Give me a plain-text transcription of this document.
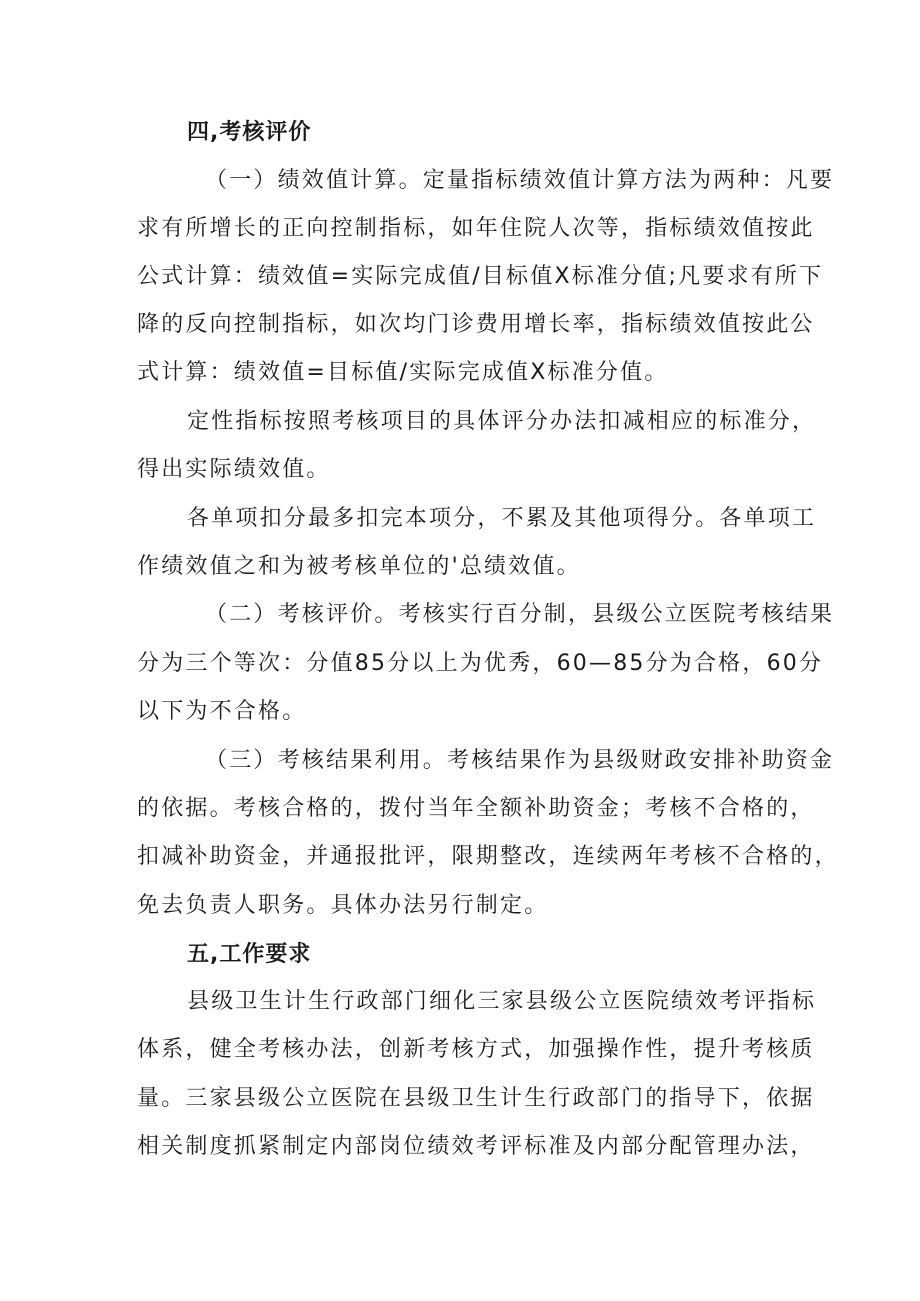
四,考核评价
（一）绩效值计算。定量指标绩效值计算方法为两种：凡要
求有所增长的正向控制指标，如年住院人次等，指标绩效值按此
公式计算：绩效值=实际完成值/目标值X标准分值;凡要求有所下
降的反向控制指标，如次均门诊费用增长率，指标绩效值按此公
式计算：绩效值=目标值/实际完成值X标准分值。
定性指标按照考核项目的具体评分办法扣减相应的标准分，
得出实际绩效值。
各单项扣分最多扣完本项分，不累及其他项得分。各单项工
作绩效值之和为被考核单位的'总绩效值。
（二）考核评价。考核实行百分制，县级公立医院考核结果
分为三个等次：分值85分以上为优秀，60—85分为合格，60分
以下为不合格。
（三）考核结果利用。考核结果作为县级财政安排补助资金
的依据。考核合格的，拨付当年全额补助资金；考核不合格的，
扣减补助资金，并通报批评，限期整改，连续两年考核不合格的，
免去负责人职务。具体办法另行制定。
五,工作要求
县级卫生计生行政部门细化三家县级公立医院绩效考评指标
体系，健全考核办法，创新考核方式，加强操作性，提升考核质
量。三家县级公立医院在县级卫生计生行政部门的指导下，依据
相关制度抓紧制定内部岗位绩效考评标准及内部分配管理办法，
